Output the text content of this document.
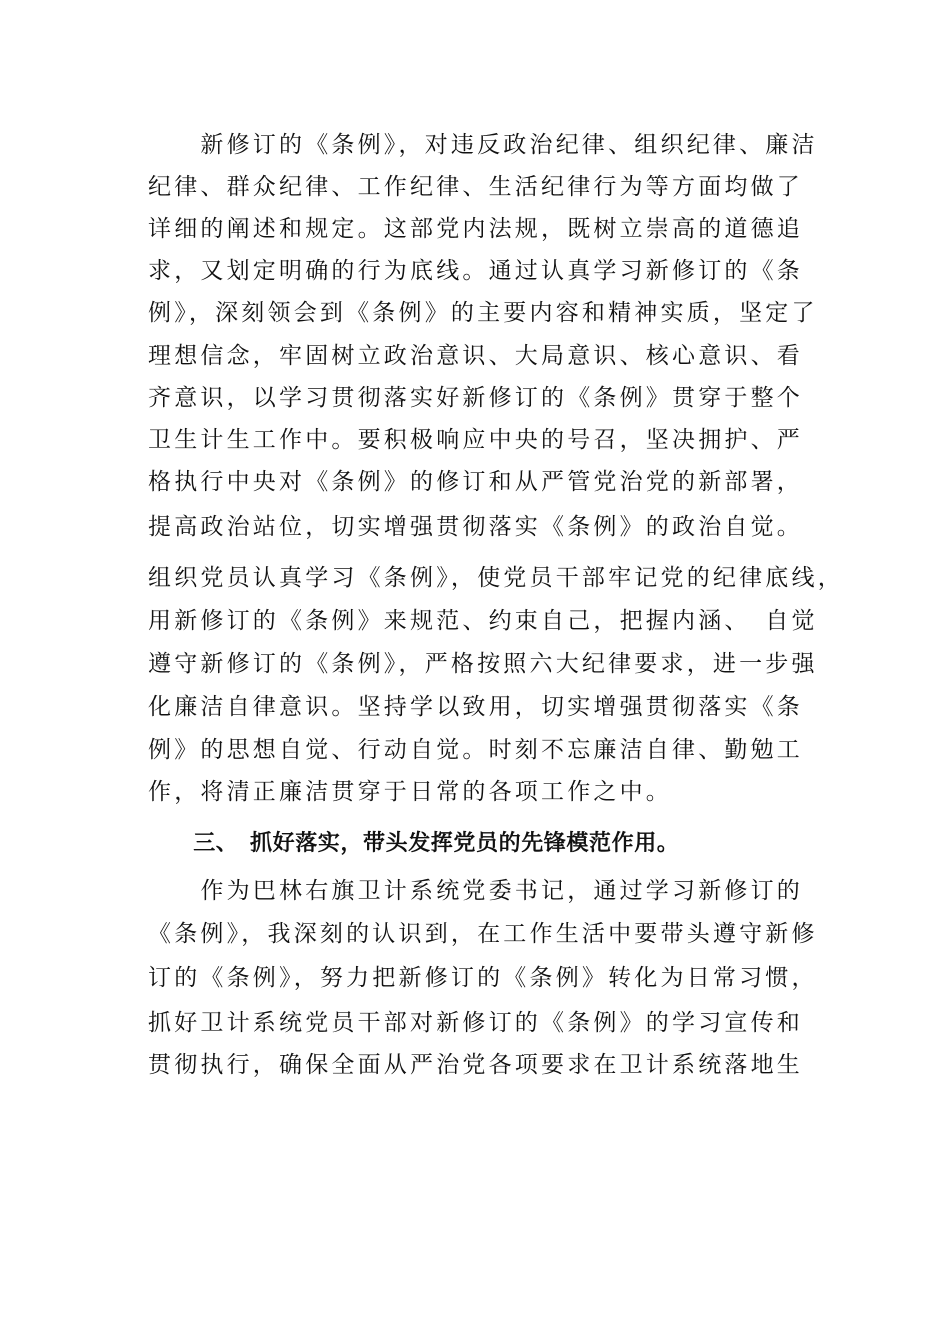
　　新修订的《条例》，对违反政治纪律、组织纪律、廉洁
纪律、群众纪律、工作纪律、生活纪律行为等方面均做了
详细的阐述和规定。这部党内法规，既树立崇高的道德追
求，又划定明确的行为底线。通过认真学习新修订的《条
例》，深刻领会到《条例》的主要内容和精神实质，坚定了
理想信念，牢固树立政治意识、大局意识、核心意识、看
齐意识，以学习贯彻落实好新修订的《条例》贯穿于整个
卫生计生工作中。要积极响应中央的号召，坚决拥护、严
格执行中央对《条例》的修订和从严管党治党的新部署，
提高政治站位，切实增强贯彻落实《条例》的政治自觉。
组织党员认真学习《条例》，使党员干部牢记党的纪律底线，
用新修订的《条例》来规范、约束自己，把握内涵、　自觉
遵守新修订的《条例》，严格按照六大纪律要求，进一步强
化廉洁自律意识。坚持学以致用，切实增强贯彻落实《条
例》的思想自觉、行动自觉。时刻不忘廉洁自律、勤勉工
作，将清正廉洁贯穿于日常的各项工作之中。
　　三、　抓好落实，带头发挥党员的先锋模范作用。
　　作为巴林右旗卫计系统党委书记，通过学习新修订的
《条例》，我深刻的认识到，在工作生活中要带头遵守新修
订的《条例》，努力把新修订的《条例》转化为日常习惯，
抓好卫计系统党员干部对新修订的《条例》的学习宣传和
贯彻执行，确保全面从严治党各项要求在卫计系统落地生
